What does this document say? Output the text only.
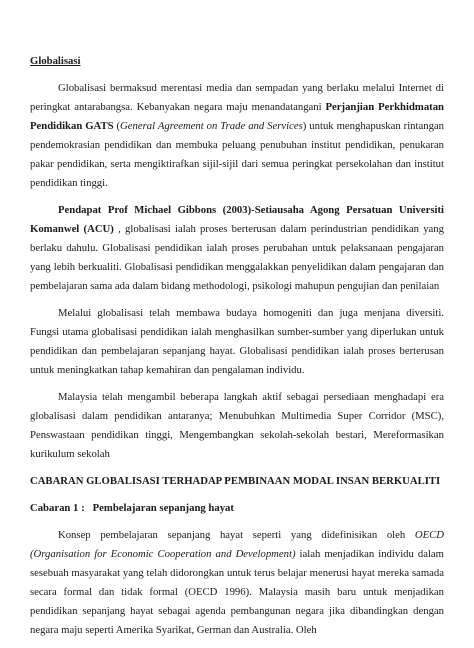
Globalisasi

Globalisasi bermaksud merentasi media dan sempadan yang berlaku melalui Internet di peringkat antarabangsa. Kebanyakan negara maju menandatangani Perjanjian Perkhidmatan Pendidikan GATS (General Agreement on Trade and Services) untuk menghapuskan rintangan pendemokrasian pendidikan dan membuka peluang penubuhan institut pendidikan, penukaran pakar pendidikan, serta mengiktirafkan sijil-sijil dari semua peringkat persekolahan dan institut pendidikan tinggi.

Pendapat Prof Michael Gibbons (2003)-Setiausaha Agong Persatuan Universiti Komanwel (ACU) , globalisasi ialah proses berterusan dalam perindustrian pendidikan yang berlaku dahulu. Globalisasi pendidikan ialah proses perubahan untuk pelaksanaan pengajaran yang lebih berkualiti. Globalisasi pendidikan menggalakkan penyelidikan dalam pengajaran dan pembelajaran sama ada dalam bidang methodologi, psikologi mahupun pengujian dan penilaian

Melalui globalisasi telah membawa budaya homogeniti dan juga menjana diversiti. Fungsi utama globalisasi pendidikan ialah menghasilkan sumber-sumber yang diperlukan untuk pendidikan dan pembelajaran sepanjang hayat. Globalisasi pendidikan ialah proses berterusan untuk meningkatkan tahap kemahiran dan pengalaman individu.

Malaysia telah mengambil beberapa langkah aktif sebagai persediaan menghadapi era globalisasi dalam pendidikan antaranya; Menubuhkan Multimedia Super Corridor (MSC), Penswastaan pendidikan tinggi, Mengembangkan sekolah-sekolah bestari, Mereformasikan kurikulum sekolah

CABARAN GLOBALISASI TERHADAP PEMBINAAN MODAL INSAN BERKUALITI
Cabaran 1 : Pembelajaran sepanjang hayat

Konsep pembelajaran sepanjang hayat seperti yang didefinisikan oleh OECD (Organisation for Economic Cooperation and Development) ialah menjadikan individu dalam sesebuah masyarakat yang telah didorongkan untuk terus belajar menerusi hayat mereka samada secara formal dan tidak formal (OECD 1996). Malaysia masih baru untuk menjadikan pendidikan sepanjang hayat sebagai agenda pembangunan negara jika dibandingkan dengan negara maju seperti Amerika Syarikat, German dan Australia. Oleh
